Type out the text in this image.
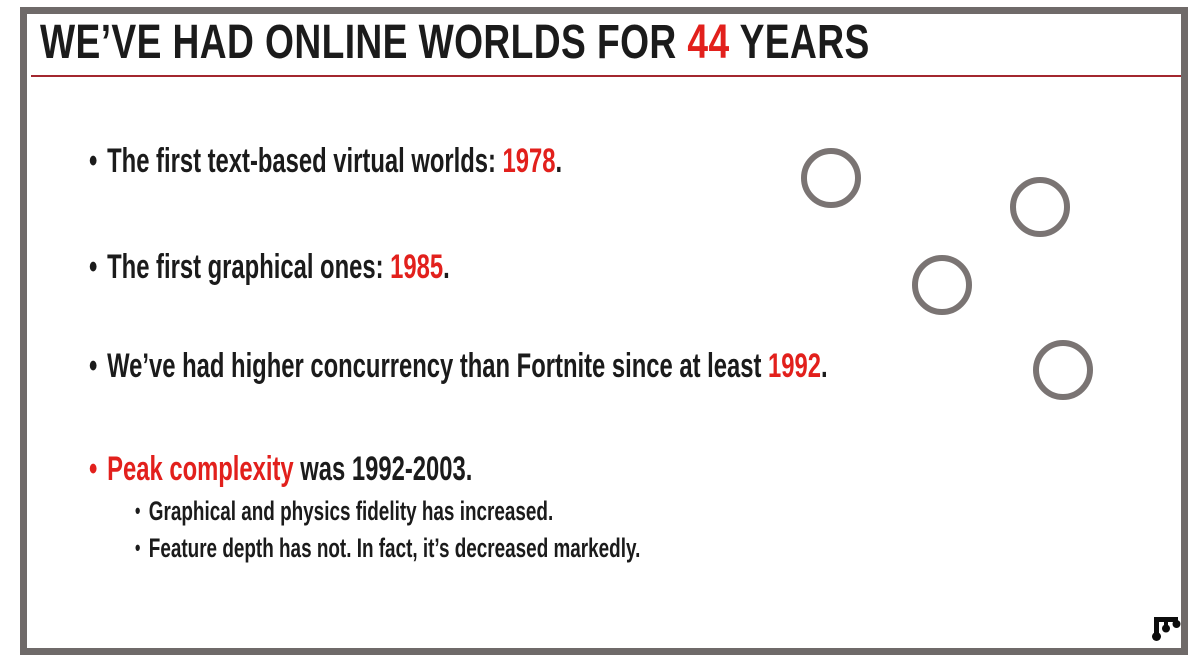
WE’VE HAD ONLINE WORLDS FOR 44 YEARS
• The first text-based virtual worlds: 1978.
• The first graphical ones: 1985.
• We’ve had higher concurrency than Fortnite since at least 1992.
• Peak complexity was 1992-2003.
• Graphical and physics fidelity has increased.
• Feature depth has not. In fact, it’s decreased markedly.
